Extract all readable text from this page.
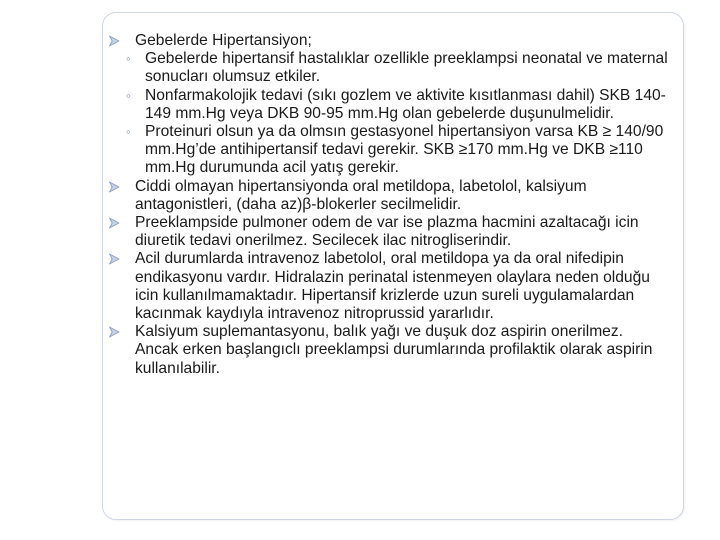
Gebelerde Hipertansiyon;
◦ Gebelerde hipertansif hastalıklar ozellikle preeklampsi neonatal ve maternal sonucları olumsuz etkiler.
◦ Nonfarmakolojik tedavi (sıkı gozlem ve aktivite kısıtlanması dahil) SKB 140-149 mm.Hg veya DKB 90-95 mm.Hg olan gebelerde duşunulmelidir.
◦ Proteinuri olsun ya da olmsın gestasyonel hipertansiyon varsa KB ≥ 140/90 mm.Hg’de antihipertansif tedavi gerekir. SKB ≥170 mm.Hg ve DKB ≥110 mm.Hg durumunda acil yatış gerekir.
Ciddi olmayan hipertansiyonda oral metildopa, labetolol, kalsiyum antagonistleri, (daha az)β-blokerler secilmelidir.
Preeklampside pulmoner odem de var ise plazma hacmini azaltacağı icin diuretik tedavi onerilmez. Secilecek ilac nitrogliserindir.
Acil durumlarda intravenoz labetolol, oral metildopa ya da oral nifedipin endikasyonu vardır. Hidralazin perinatal istenmeyen olaylara neden olduğu icin kullanılmamaktadır. Hipertansif krizlerde uzun sureli uygulamalardan kacınmak kaydıyla intravenoz nitroprussid yararlıdır.
Kalsiyum suplemantasyonu, balık yağı ve duşuk doz aspirin onerilmez. Ancak erken başlangıclı preeklampsi durumlarında profilaktik olarak aspirin kullanılabilir.
